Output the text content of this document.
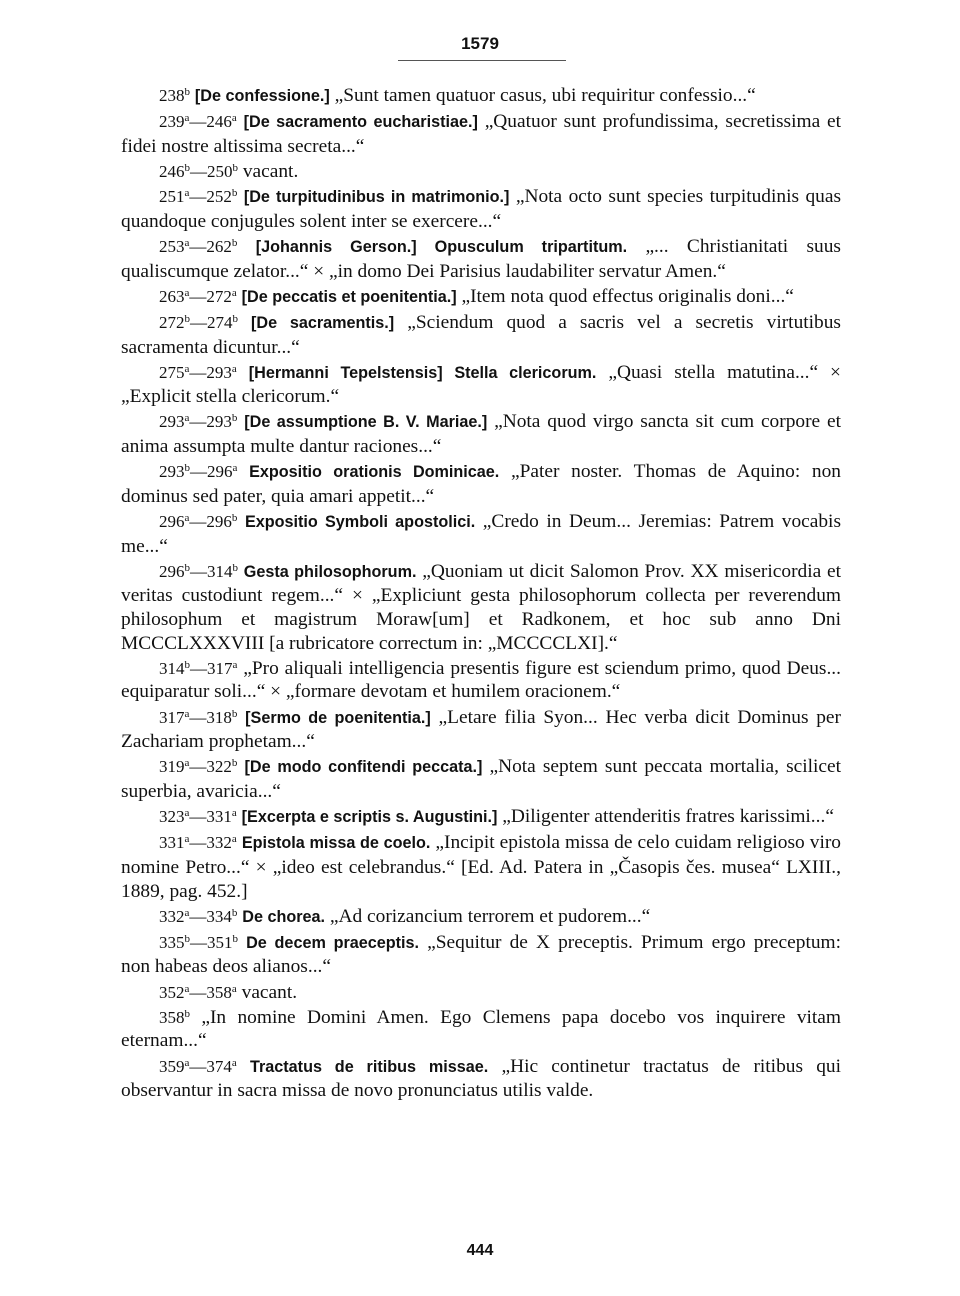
1579

238$^b$ [De confessione.] „Sunt tamen quatuor casus, ubi requiritur confessio...“

239$^a$—246$^a$ [De sacramento eucharistiae.] „Quatuor sunt profundissima, secretissima et fidei nostre altissima secreta...“

246$^b$—250$^b$ vacant.

251$^a$—252$^b$ [De turpitudinibus in matrimonio.] „Nota octo sunt species turpitudinis quas quandoque conjugules solent inter se exercere...“

253$^a$—262$^b$ [Johannis Gerson.] Opusculum tripartitum. „... Christianitati suus qualiscumque zelator...“ × „in domo Dei Parisius laudabiliter servatur Amen.“

263$^a$—272$^a$ [De peccatis et poenitentia.] „Item nota quod effectus originalis doni...“

272$^b$—274$^b$ [De sacramentis.] „Sciendum quod a sacris vel a secretis virtutibus sacramenta dicuntur...“

275$^a$—293$^a$ [Hermanni Tepelstensis] Stella clericorum. „Quasi stella matutina...“ × „Explicit stella clericorum.“

293$^a$—293$^b$ [De assumptione B. V. Mariae.] „Nota quod virgo sancta sit cum corpore et anima assumpta multe dantur raciones...“

293$^b$—296$^a$ Expositio orationis Dominicae. „Pater noster. Thomas de Aquino: non dominus sed pater, quia amari appetit...“

296$^a$—296$^b$ Expositio Symboli apostolici. „Credo in Deum... Jeremias: Patrem vocabis me...“

296$^b$—314$^b$ Gesta philosophorum. „Quoniam ut dicit Salomon Prov. XX misericordia et veritas custodiunt regem...“ × „Expliciunt gesta philosophorum collecta per reverendum philosophum et magistrum Moraw[um] et Radkonem, et hoc sub anno Dni MCCCLXXXVIII [a rubricatore correctum in: „MCCCCLXI].“

314$^b$—317$^a$ „Pro aliquali intelligencia presentis figure est sciendum primo, quod Deus... equiparatur soli...“ × „formare devotam et humilem oracionem.“

317$^a$—318$^b$ [Sermo de poenitentia.] „Letare filia Syon... Hec verba dicit Dominus per Zachariam prophetam...“

319$^a$—322$^b$ [De modo confitendi peccata.] „Nota septem sunt peccata mortalia, scilicet superbia, avaricia...“

323$^a$—331$^a$ [Excerpta e scriptis s. Augustini.] „Diligenter attenderitis fratres karissimi...“

331$^a$—332$^a$ Epistola missa de coelo. „Incipit epistola missa de celo cuidam religioso viro nomine Petro...“ × „ideo est celebrandus.“ [Ed. Ad. Patera in „Časopis čes. musea“ LXIII., 1889, pag. 452.]

332$^a$—334$^b$ De chorea. „Ad corizancium terrorem et pudorem...“

335$^b$—351$^b$ De decem praeceptis. „Sequitur de X preceptis. Primum ergo preceptum: non habeas deos alianos...“

352$^a$—358$^a$ vacant.

358$^b$ „In nomine Domini Amen. Ego Clemens papa docebo vos inquirere vitam eternam...“

359$^a$—374$^a$ Tractatus de ritibus missae. „Hic continetur tractatus de ritibus qui observantur in sacra missa de novo pronunciatus utilis valde.

444
